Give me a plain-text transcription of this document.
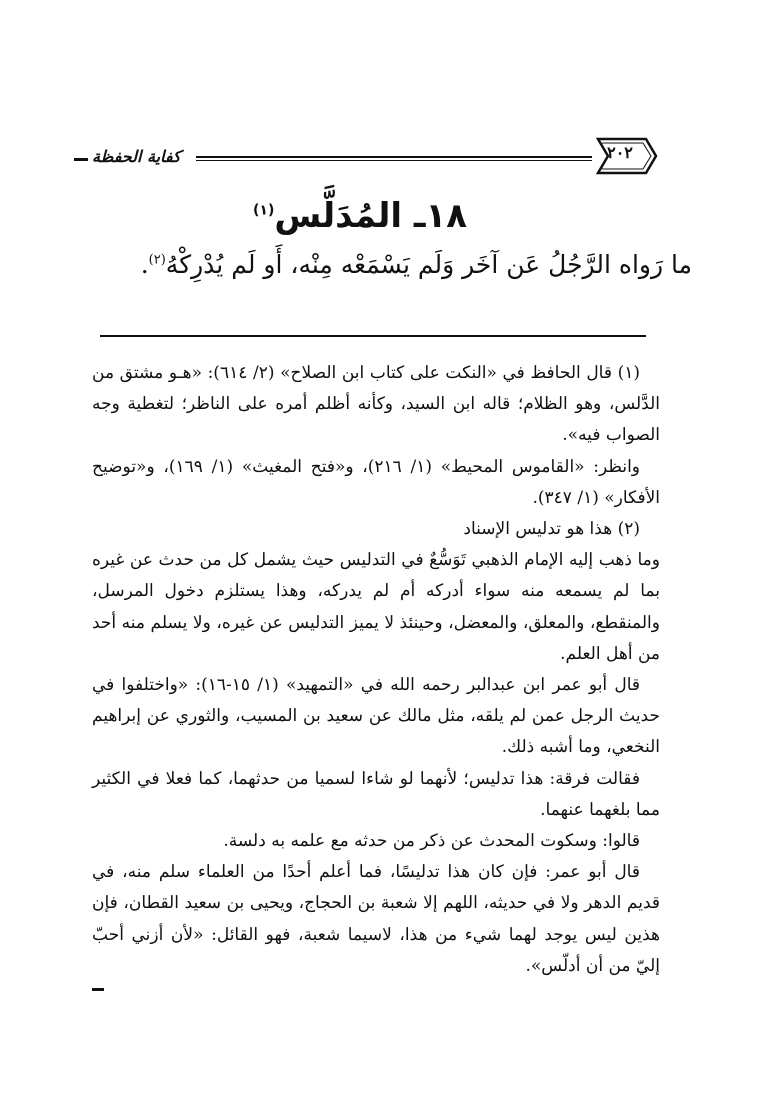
كفاية الحفظة	٢٠٢
١٨ـ المُدَلَّس$^{(١)}$
ما رَواه الرَّجُلُ عَن آخَر وَلَم يَسْمَعْه مِنْه، أَو لَم يُدْرِكْهُ$^{(٢)}$.

(١) قال الحافظ في «النكت على كتاب ابن الصلاح» (٢/ ٦١٤): «هـو مشتق من الدَّلس، وهو الظلام؛ قاله ابن السيد، وكأنه أظلم أمره على الناظر؛ لتغطية وجه الصواب فيه».

وانظر: «القاموس المحيط» (١/ ٢١٦)، و«فتح المغيث» (١/ ١٦٩)، و«توضيح الأفكار» (١/ ٣٤٧).

(٢) هذا هو تدليس الإسناد

وما ذهب إليه الإمام الذهبي تَوَسُّعٌ في التدليس حيث يشمل كل من حدث عن غيره بما لم يسمعه منه سواء أدركه أم لم يدركه، وهذا يستلزم دخول المرسل، والمنقطع، والمعلق، والمعضل، وحينئذ لا يميز التدليس عن غيره، ولا يسلم منه أحد من أهل العلم.

قال أبو عمر ابن عبدالبر رحمه الله في «التمهيد» (١/ ١٥-١٦): «واختلفوا في حديث الرجل عمن لم يلقه، مثل مالك عن سعيد بن المسيب، والثوري عن إبراهيم النخعي، وما أشبه ذلك.

فقالت فرقة: هذا تدليس؛ لأنهما لو شاءا لسميا من حدثهما، كما فعلا في الكثير مما بلغهما عنهما.

قالوا: وسكوت المحدث عن ذكر من حدثه مع علمه به دلسة.

قال أبو عمر: فإن كان هذا تدليسًا، فما أعلم أحدًا من العلماء سلم منه، في قديم الدهر ولا في حديثه، اللهم إلا شعبة بن الحجاج، ويحيى بن سعيد القطان، فإن هذين ليس يوجد لهما شيء من هذا، لاسيما شعبة، فهو القائل: «لأن أزني أحبّ إليّ من أن أدلّس».
